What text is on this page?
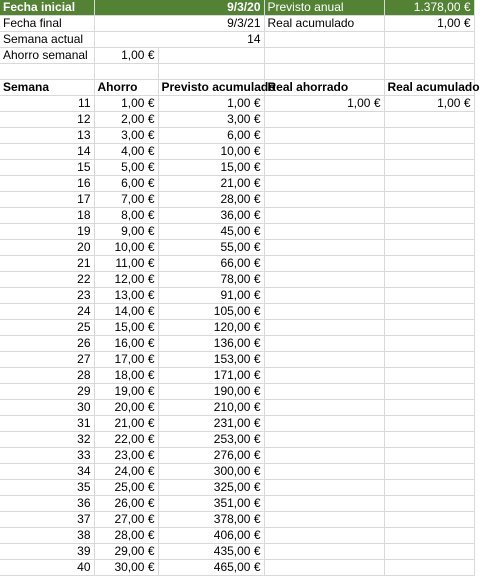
Fecha inicial	9/3/20		Previsto anual	1.378,00 €
Fecha final	9/3/21		Real acumulado	1,00 €
Semana actual	14			
Ahorro semanal	1,00 €			

Semana	Ahorro	Previsto acumulado	Real ahorrado	Real acumulado
11	1,00 €	1,00 €	1,00 €	1,00 €
12	2,00 €	3,00 €		
13	3,00 €	6,00 €		
14	4,00 €	10,00 €		
15	5,00 €	15,00 €		
16	6,00 €	21,00 €		
17	7,00 €	28,00 €		
18	8,00 €	36,00 €		
19	9,00 €	45,00 €		
20	10,00 €	55,00 €		
21	11,00 €	66,00 €		
22	12,00 €	78,00 €		
23	13,00 €	91,00 €		
24	14,00 €	105,00 €		
25	15,00 €	120,00 €		
26	16,00 €	136,00 €		
27	17,00 €	153,00 €		
28	18,00 €	171,00 €		
29	19,00 €	190,00 €		
30	20,00 €	210,00 €		
31	21,00 €	231,00 €		
32	22,00 €	253,00 €		
33	23,00 €	276,00 €		
34	24,00 €	300,00 €		
35	25,00 €	325,00 €		
36	26,00 €	351,00 €		
37	27,00 €	378,00 €		
38	28,00 €	406,00 €		
39	29,00 €	435,00 €		
40	30,00 €	465,00 €		
